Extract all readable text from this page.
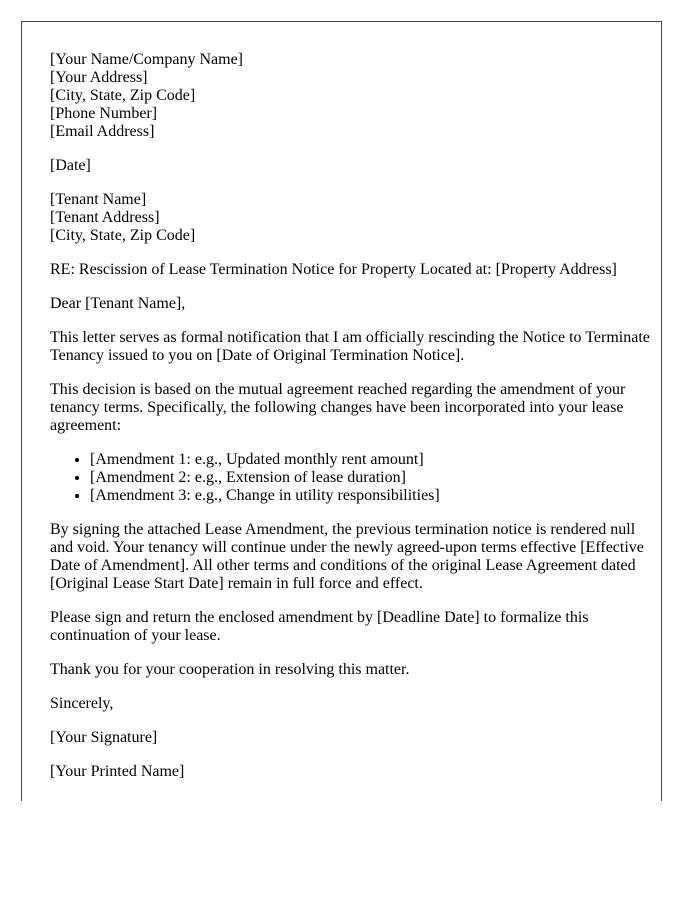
[Your Name/Company Name]
[Your Address]
[City, State, Zip Code]
[Phone Number]
[Email Address]
[Date]
[Tenant Name]
[Tenant Address]
[City, State, Zip Code]
RE: Rescission of Lease Termination Notice for Property Located at: [Property Address]
Dear [Tenant Name],
This letter serves as formal notification that I am officially rescinding the Notice to Terminate Tenancy issued to you on [Date of Original Termination Notice].
This decision is based on the mutual agreement reached regarding the amendment of your tenancy terms. Specifically, the following changes have been incorporated into your lease agreement:
• [Amendment 1: e.g., Updated monthly rent amount]
• [Amendment 2: e.g., Extension of lease duration]
• [Amendment 3: e.g., Change in utility responsibilities]
By signing the attached Lease Amendment, the previous termination notice is rendered null and void. Your tenancy will continue under the newly agreed-upon terms effective [Effective Date of Amendment]. All other terms and conditions of the original Lease Agreement dated [Original Lease Start Date] remain in full force and effect.
Please sign and return the enclosed amendment by [Deadline Date] to formalize this continuation of your lease.
Thank you for your cooperation in resolving this matter.
Sincerely,
[Your Signature]
[Your Printed Name]
